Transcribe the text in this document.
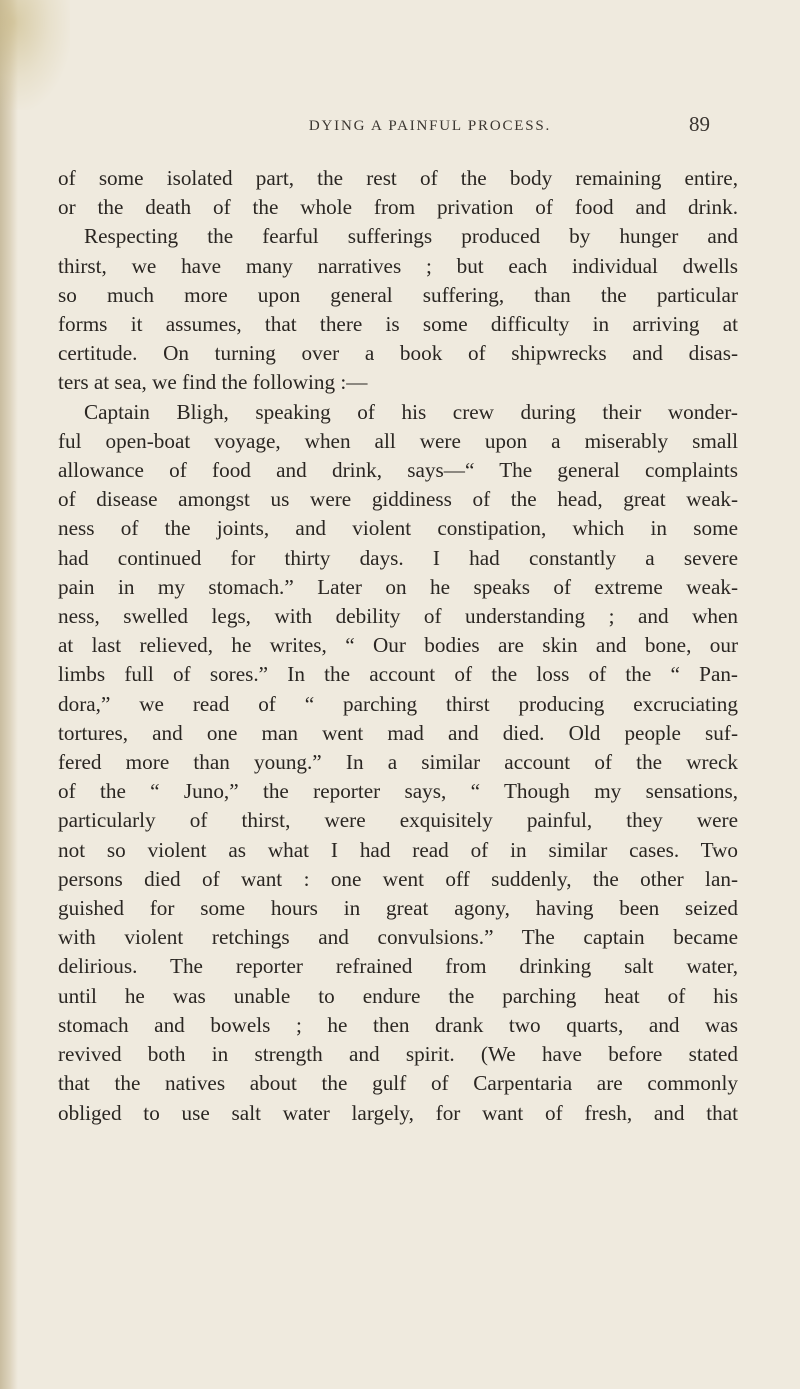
DYING A PAINFUL PROCESS.	89
of some isolated part, the rest of the body remaining entire,
or the death of the whole from privation of food and drink.
Respecting the fearful sufferings produced by hunger and
thirst, we have many narratives ; but each individual dwells
so much more upon general suffering, than the particular
forms it assumes, that there is some difficulty in arriving at
certitude. On turning over a book of shipwrecks and disas-
ters at sea, we find the following :—
Captain Bligh, speaking of his crew during their wonder-
ful open-boat voyage, when all were upon a miserably small
allowance of food and drink, says—“ The general complaints
of disease amongst us were giddiness of the head, great weak-
ness of the joints, and violent constipation, which in some
had continued for thirty days. I had constantly a severe
pain in my stomach.” Later on he speaks of extreme weak-
ness, swelled legs, with debility of understanding ; and when
at last relieved, he writes, “ Our bodies are skin and bone, our
limbs full of sores.” In the account of the loss of the “ Pan-
dora,” we read of “ parching thirst producing excruciating
tortures, and one man went mad and died. Old people suf-
fered more than young.” In a similar account of the wreck
of the “ Juno,” the reporter says, “ Though my sensations,
particularly of thirst, were exquisitely painful, they were
not so violent as what I had read of in similar cases. Two
persons died of want : one went off suddenly, the other lan-
guished for some hours in great agony, having been seized
with violent retchings and convulsions.” The captain became
delirious. The reporter refrained from drinking salt water,
until he was unable to endure the parching heat of his
stomach and bowels ; he then drank two quarts, and was
revived both in strength and spirit. (We have before stated
that the natives about the gulf of Carpentaria are commonly
obliged to use salt water largely, for want of fresh, and that
